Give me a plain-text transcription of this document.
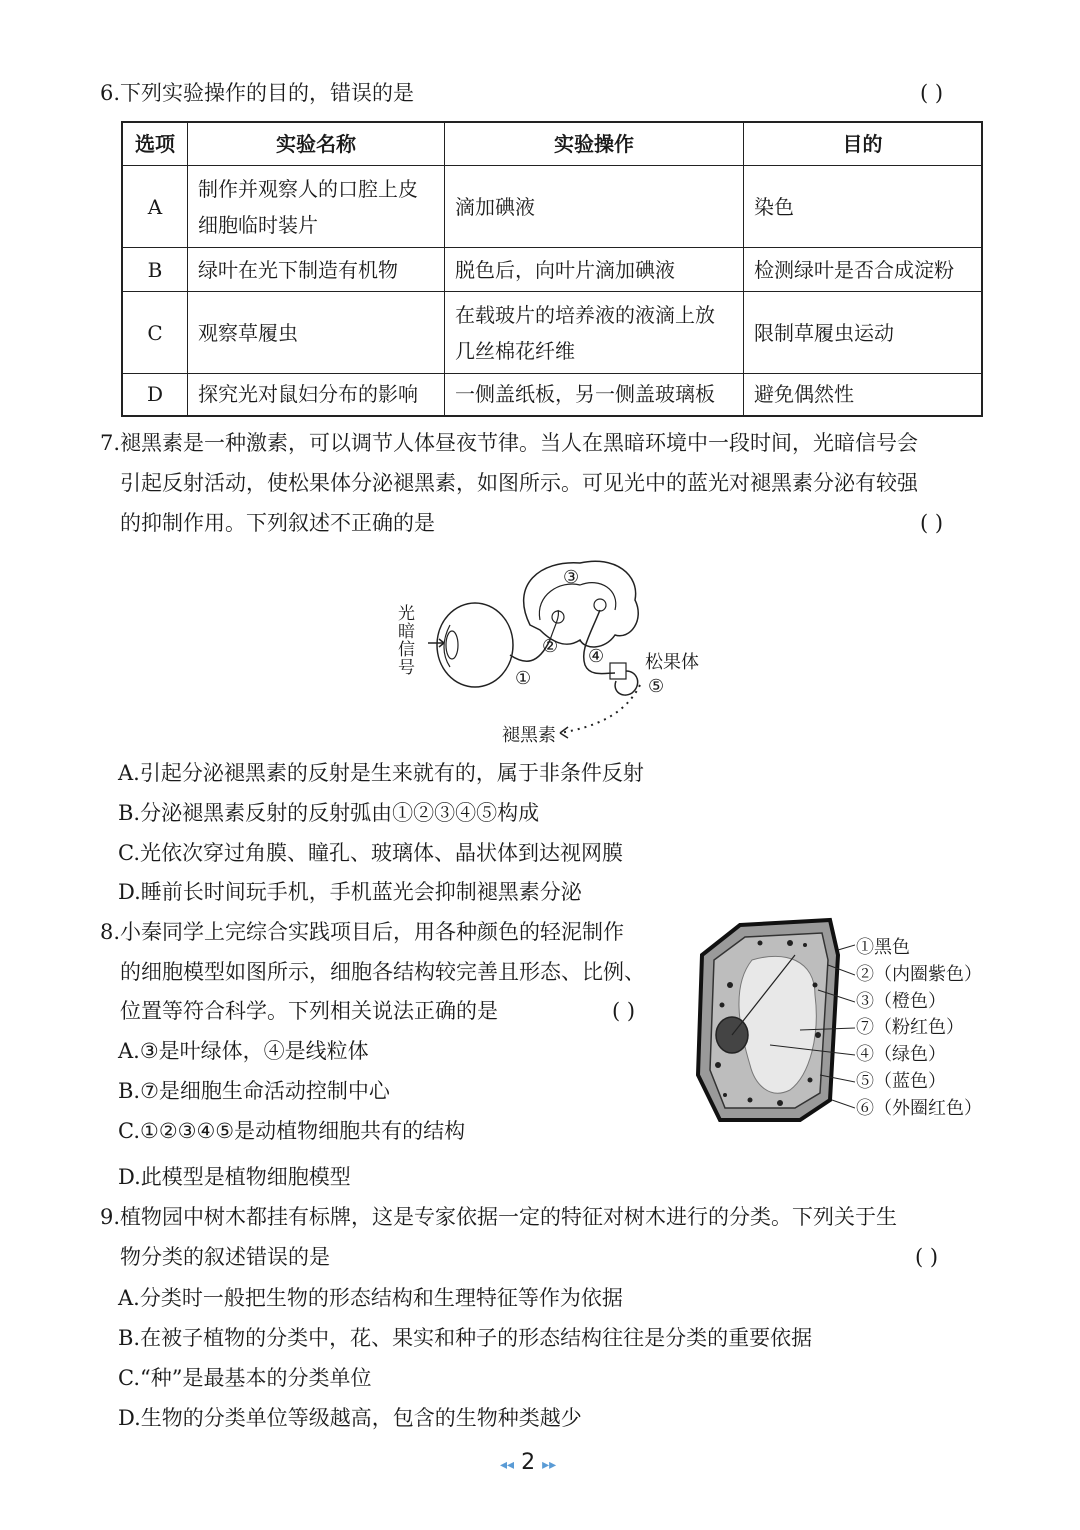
6.下列实验操作的目的，错误的是	( )
选项	实验名称	实验操作	目的
A	制作并观察人的口腔上皮细胞临时装片	滴加碘液	染色
B	绿叶在光下制造有机物	脱色后，向叶片滴加碘液	检测绿叶是否合成淀粉
C	观察草履虫	在载玻片的培养液的液滴上放几丝棉花纤维	限制草履虫运动
D	探究光对鼠妇分布的影响	一侧盖纸板，另一侧盖玻璃板	避免偶然性
7.褪黑素是一种激素，可以调节人体昼夜节律。当人在黑暗环境中一段时间，光暗信号会
引起反射活动，使松果体分泌褪黑素，如图所示。可见光中的蓝光对褪黑素分泌有较强
的抑制作用。下列叙述不正确的是	( )
光
暗
信
号
③
② ④
①	⑤
松果体
褪黑素
A.引起分泌褪黑素的反射是生来就有的，属于非条件反射
B.分泌褪黑素反射的反射弧由①②③④⑤构成
C.光依次穿过角膜、瞳孔、玻璃体、晶状体到达视网膜
D.睡前长时间玩手机，手机蓝光会抑制褪黑素分泌
8.小秦同学上完综合实践项目后，用各种颜色的轻泥制作
的细胞模型如图所示，细胞各结构较完善且形态、比例、
位置等符合科学。下列相关说法正确的是	( )
A.③是叶绿体，④是线粒体
B.⑦是细胞生命活动控制中心
C.①②③④⑤是动植物细胞共有的结构
D.此模型是植物细胞模型
①黑色
②（内圈紫色）
③（橙色）
⑦（粉红色）
④（绿色）
⑤（蓝色）
⑥（外圈红色）
9.植物园中树木都挂有标牌，这是专家依据一定的特征对树木进行的分类。下列关于生
物分类的叙述错误的是	( )
A.分类时一般把生物的形态结构和生理特征等作为依据
B.在被子植物的分类中，花、果实和种子的形态结构往往是分类的重要依据
C.“种”是最基本的分类单位
D.生物的分类单位等级越高，包含的生物种类越少
◂◂ 2 ▸▸
